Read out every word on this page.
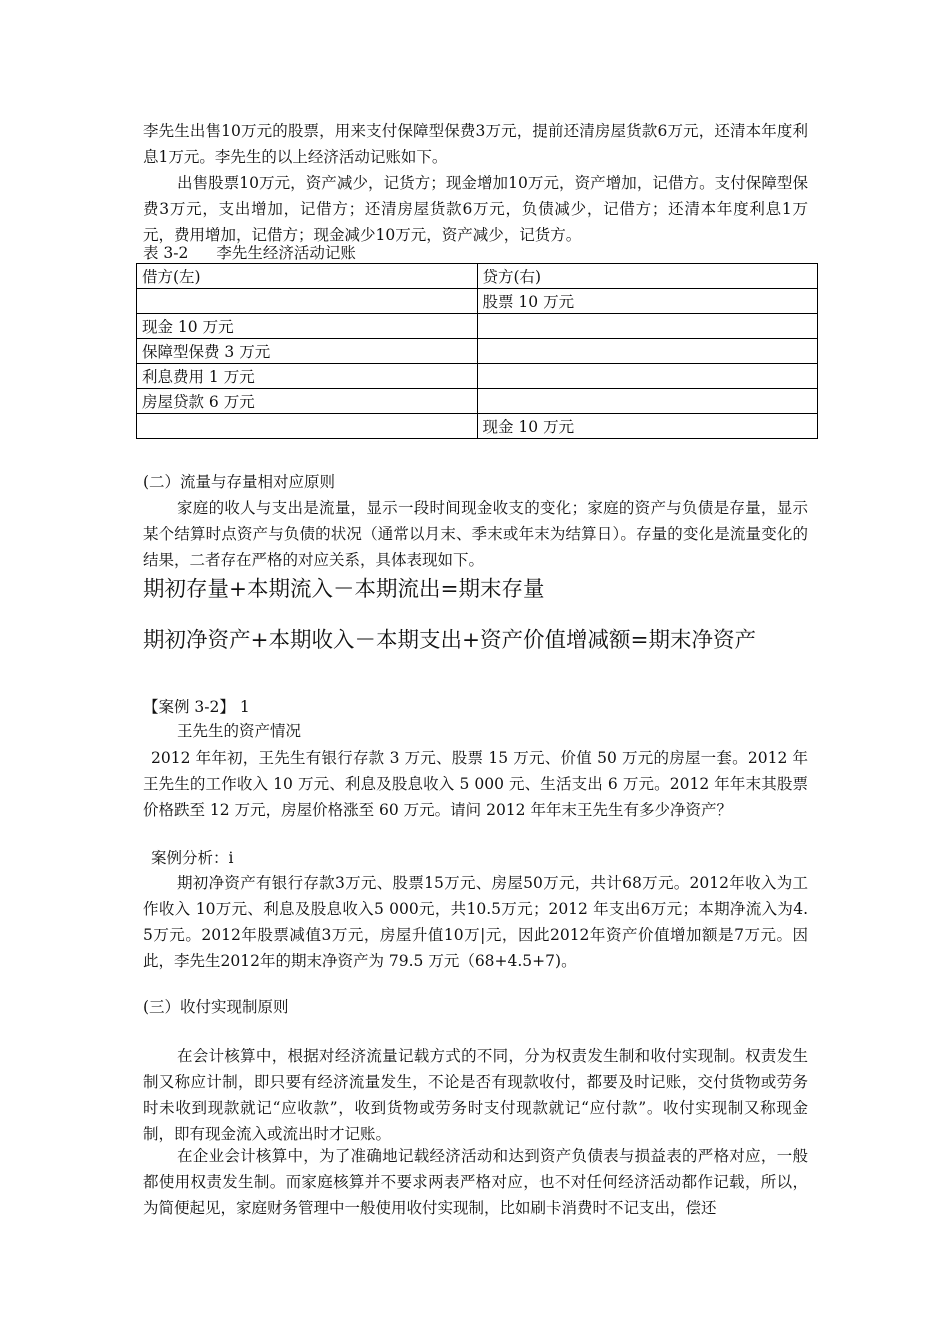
李先生出售10万元的股票，用来支付保障型保费3万元，提前还清房屋货款6万元，还清本年度利息1万元。李先生的以上经济活动记账如下。

出售股票10万元，资产减少，记货方；现金增加10万元，资产增加，记借方。支付保障型保费3万元，支出增加，记借方；还清房屋货款6万元，负债减少，记借方；还清本年度利息1万元，费用增加，记借方；现金减少10万元，资产减少，记货方。

表 3-2 李先生经济活动记账
借方(左)	贷方(右)
	股票 10 万元
现金 10 万元	
保障型保费 3 万元	
利息费用 1 万元	
房屋贷款 6 万元	
	现金 10 万元
(二）流量与存量相对应原则

家庭的收人与支出是流量，显示一段时间现金收支的变化；家庭的资产与负债是存量，显示某个结算时点资产与负债的状况（通常以月末、季末或年末为结算日）。存量的变化是流量变化的结果，二者存在严格的对应关系，具体表现如下。

期初存量+本期流入－本期流出=期末存量
期初净资产+本期收入－本期支出+资产价值增减额=期末净资产
【案例 3-2】 1
王先生的资产情况

2012 年年初，王先生有银行存款 3 万元、股票 15 万元、价值 50 万元的房屋一套。2012 年王先生的工作收入 10 万元、利息及股息收入 5 000 元、生活支出 6 万元。2012 年年末其股票价格跌至 12 万元，房屋价格涨至 60 万元。请问 2012 年年末王先生有多少净资产？

案例分析：i

期初净资产有银行存款3万元、股票15万元、房屋50万元，共计68万元。2012年收入为工作收入 10万元、利息及股息收入5 000元，共10.5万元；2012 年支出6万元；本期净流入为4. 5万元。2012年股票减值3万元，房屋升值10万|元，因此2012年资产价值增加额是7万元。因此，李先生2012年的期末净资产为 79.5 万元（68+4.5+7)。

(三）收付实现制原则

在会计核算中，根据对经济流量记载方式的不同，分为权责发生制和收付实现制。权责发生制又称应计制，即只要有经济流量发生，不论是否有现款收付，都要及时记账，交付货物或劳务时未收到现款就记“应收款”，收到货物或劳务时支付现款就记“应付款”。收付实现制又称现金制，即有现金流入或流出时才记账。

在企业会计核算中，为了准确地记载经济活动和达到资产负债表与损益表的严格对应，一般都使用权责发生制。而家庭核算并不要求两表严格对应，也不对任何经济活动都作记载，所以，为简便起见，家庭财务管理中一般使用收付实现制，比如刷卡消费时不记支出，偿还
